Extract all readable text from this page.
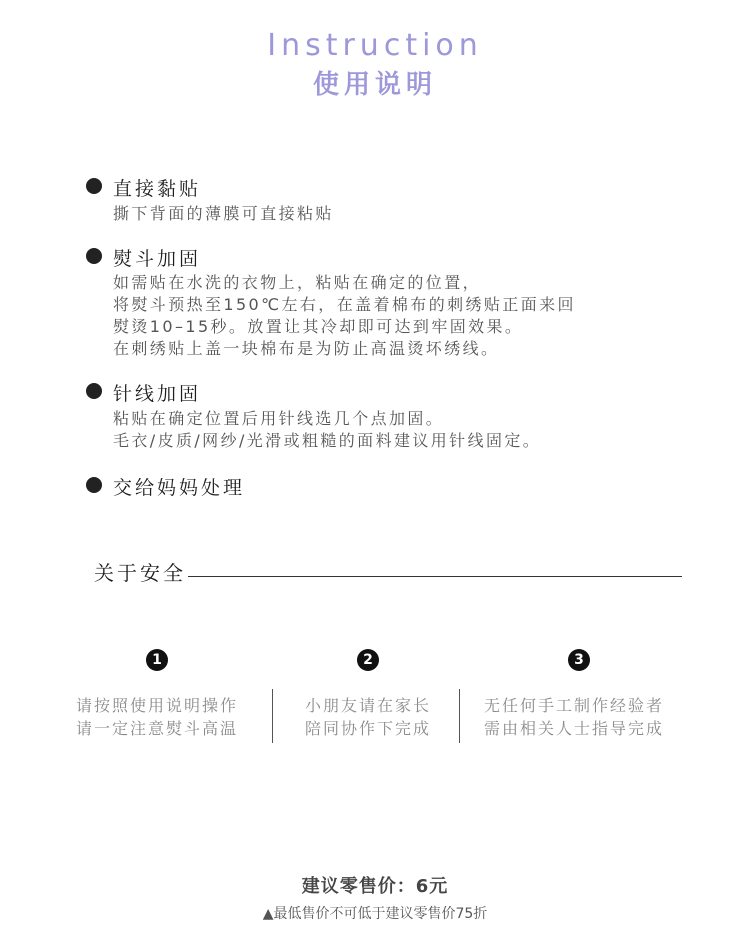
Instruction
使用说明
直接黏贴
撕下背面的薄膜可直接粘贴
熨斗加固
如需贴在水洗的衣物上，粘贴在确定的位置，
将熨斗预热至150℃左右，在盖着棉布的刺绣贴正面来回
熨烫10–15秒。放置让其冷却即可达到牢固效果。
在刺绣贴上盖一块棉布是为防止高温烫坏绣线。
针线加固
粘贴在确定位置后用针线选几个点加固。
毛衣/皮质/网纱/光滑或粗糙的面料建议用针线固定。
交给妈妈处理
关于安全
1	2	3
请按照使用说明操作
请一定注意熨斗高温
小朋友请在家长
陪同协作下完成
无任何手工制作经验者
需由相关人士指导完成
建议零售价：6元
▲最低售价不可低于建议零售价75折
